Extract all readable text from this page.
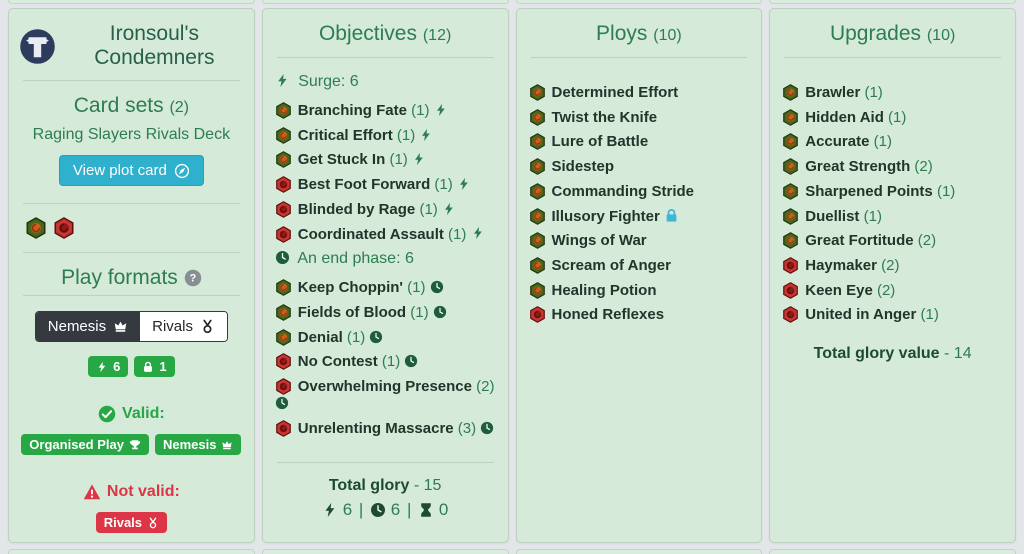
Ironsoul's Condemners
Card sets (2)
Raging Slayers Rivals Deck
View plot card
Play formats ?
Nemesis	Rivals
6	1
Valid:
Organised Play	Nemesis
Not valid:
Rivals
Objectives (12)
Surge: 6
Branching Fate (1)
Critical Effort (1)
Get Stuck In (1)
Best Foot Forward (1)
Blinded by Rage (1)
Coordinated Assault (1)
An end phase: 6
Keep Choppin' (1)
Fields of Blood (1)
Denial (1)
No Contest (1)
Overwhelming Presence (2)
Unrelenting Massacre (3)
Total glory - 15
6 |  6 |  0
Ploys (10)
Determined Effort
Twist the Knife
Lure of Battle
Sidestep
Commanding Stride
Illusory Fighter
Wings of War
Scream of Anger
Healing Potion
Honed Reflexes
Upgrades (10)
Brawler (1)
Hidden Aid (1)
Accurate (1)
Great Strength (2)
Sharpened Points (1)
Duellist (1)
Great Fortitude (2)
Haymaker (2)
Keen Eye (2)
United in Anger (1)
Total glory value - 14
